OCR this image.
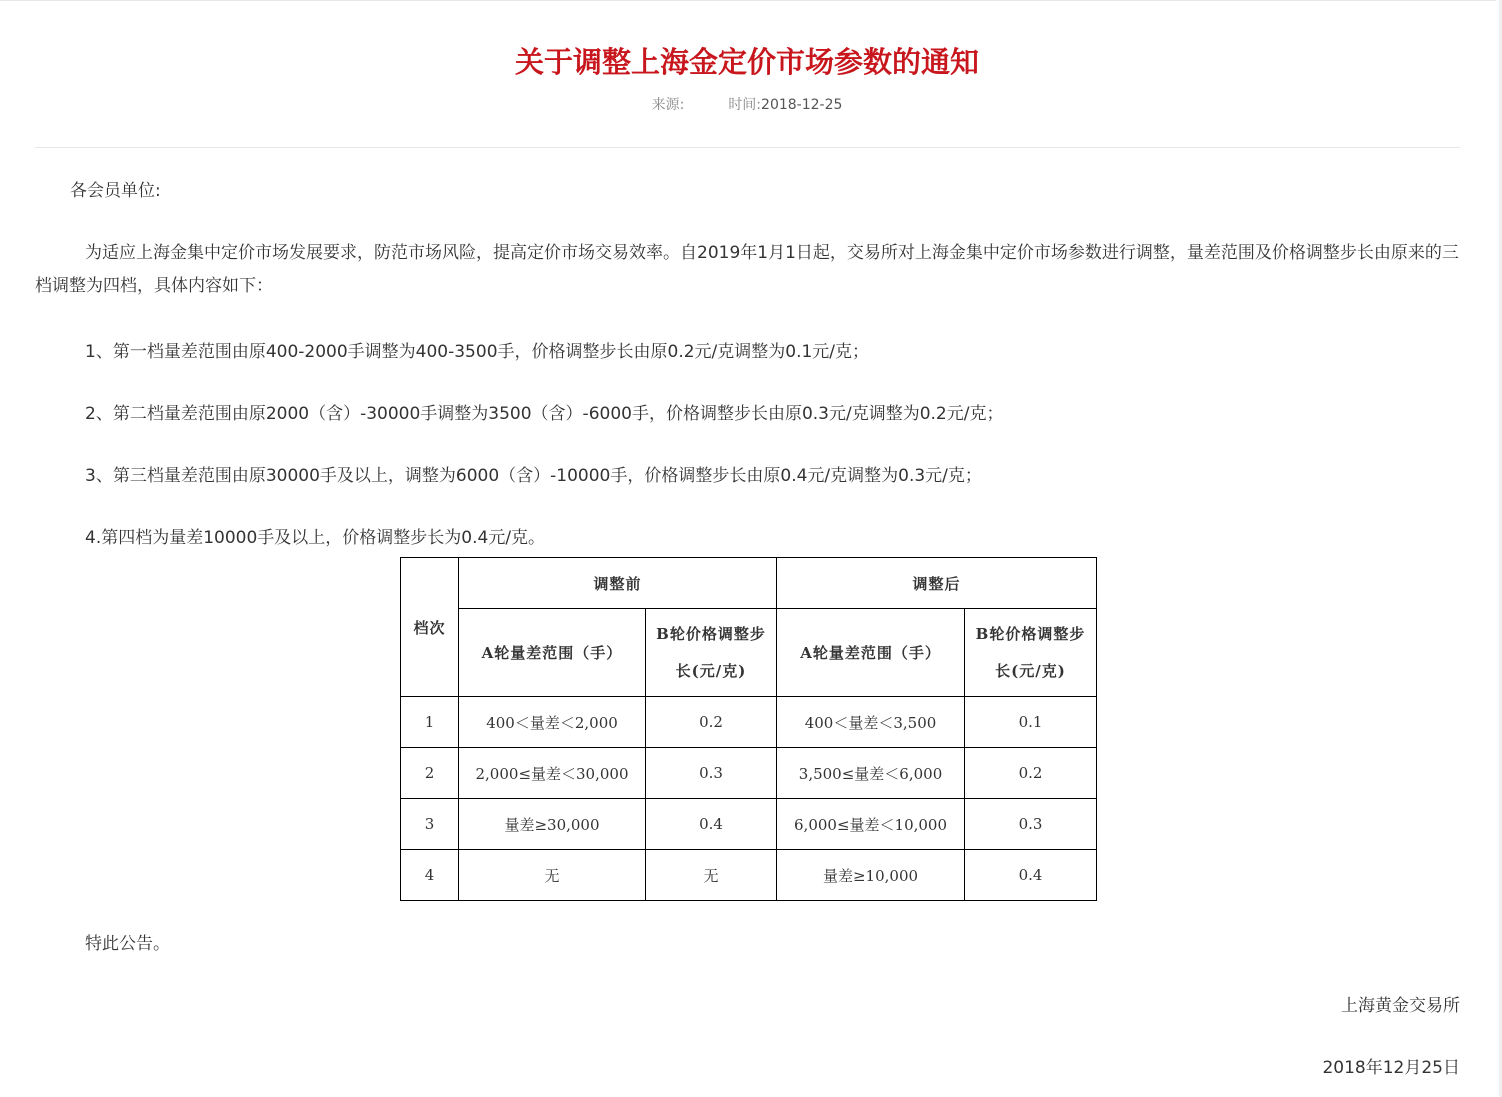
关于调整上海金定价市场参数的通知
来源:	时间:2018-12-25
各会员单位:
为适应上海金集中定价市场发展要求，防范市场风险，提高定价市场交易效率。自2019年1月1日起，交易所对上海金集中定价市场参数进行调整，量差范围及价格调整步长由原来的三档调整为四档，具体内容如下：
1、第一档量差范围由原400-2000手调整为400-3500手，价格调整步长由原0.2元/克调整为0.1元/克；
2、第二档量差范围由原2000（含）-30000手调整为3500（含）-6000手，价格调整步长由原0.3元/克调整为0.2元/克；
3、第三档量差范围由原30000手及以上，调整为6000（含）-10000手，价格调整步长由原0.4元/克调整为0.3元/克；
4.第四档为量差10000手及以上，价格调整步长为0.4元/克。
档次	调整前		调整后	
	A轮量差范围（手）	B轮价格调整步长(元/克)	A轮量差范围（手）	B轮价格调整步长(元/克)
1	400＜量差＜2,000	0.2	400＜量差＜3,500	0.1
2	2,000≤量差＜30,000	0.3	3,500≤量差＜6,000	0.2
3	量差≥30,000	0.4	6,000≤量差＜10,000	0.3
4	无	无	量差≥10,000	0.4
特此公告。
上海黄金交易所
2018年12月25日
